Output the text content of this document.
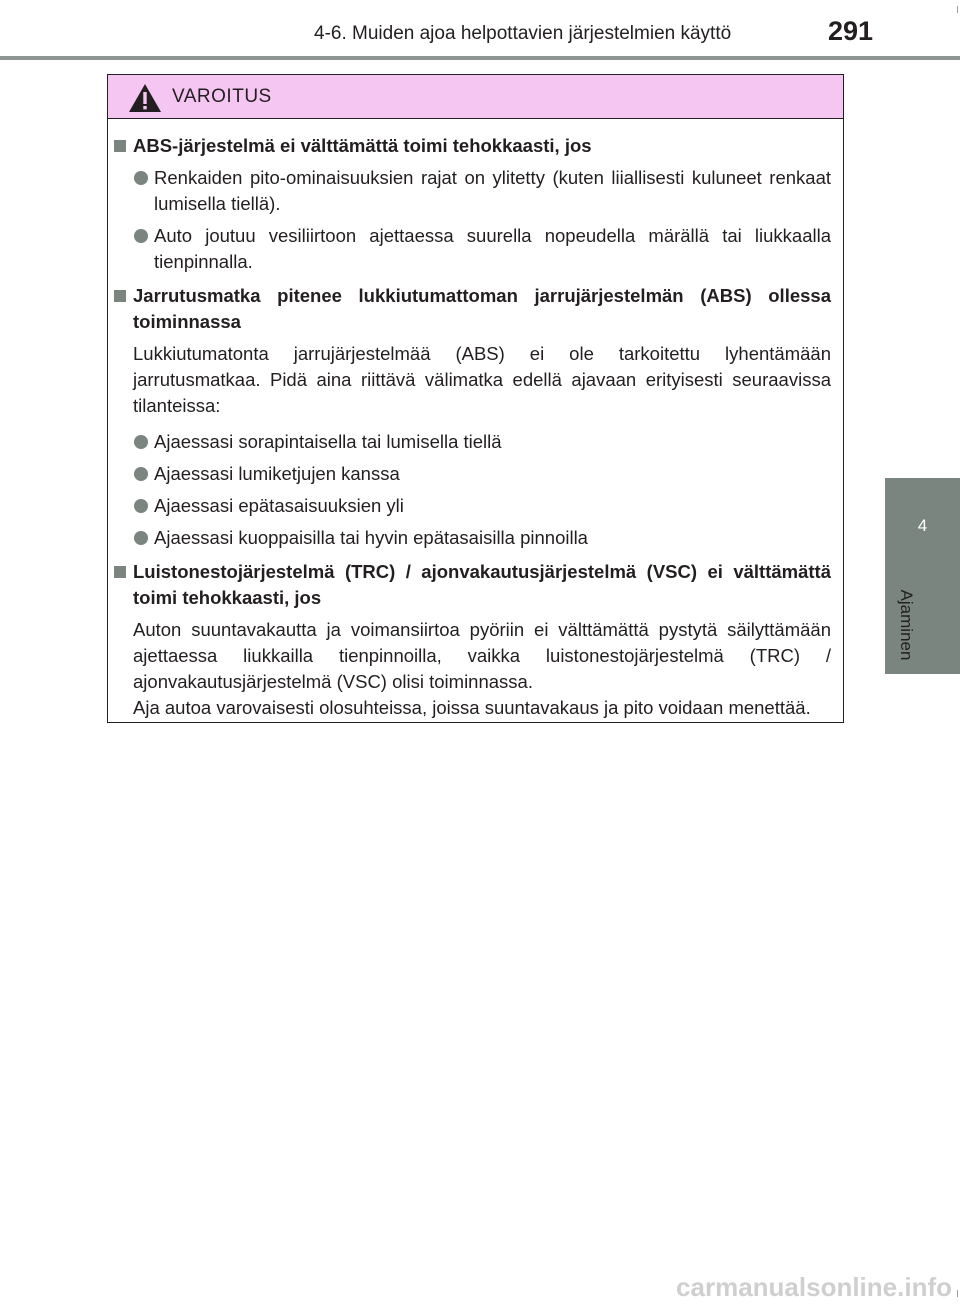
4-6. Muiden ajoa helpottavien järjestelmien käyttö	291
4
Ajaminen
VAROITUS
ABS-järjestelmä ei välttämättä toimi tehokkaasti, jos
Renkaiden pito-ominaisuuksien rajat on ylitetty (kuten liiallisesti kuluneet renkaat lumisella tiellä).
Auto joutuu vesiliirtoon ajettaessa suurella nopeudella märällä tai liukkaalla tienpinnalla.
Jarrutusmatka pitenee lukkiutumattoman jarrujärjestelmän (ABS) ollessa toiminnassa
Lukkiutumatonta jarrujärjestelmää (ABS) ei ole tarkoitettu lyhentämään jarrutusmatkaa. Pidä aina riittävä välimatka edellä ajavaan erityisesti seuraavissa tilanteissa:
Ajaessasi sorapintaisella tai lumisella tiellä
Ajaessasi lumiketjujen kanssa
Ajaessasi epätasaisuuksien yli
Ajaessasi kuoppaisilla tai hyvin epätasaisilla pinnoilla
Luistonestojärjestelmä (TRC) / ajonvakautusjärjestelmä (VSC) ei välttämättä toimi tehokkaasti, jos
Auton suuntavakautta ja voimansiirtoa pyöriin ei välttämättä pystytä säilyttämään ajettaessa liukkailla tienpinnoilla, vaikka luistonestojärjestelmä (TRC) / ajonvakautusjärjestelmä (VSC) olisi toiminnassa.
Aja autoa varovaisesti olosuhteissa, joissa suuntavakaus ja pito voidaan menettää.
carmanualsonline.info
